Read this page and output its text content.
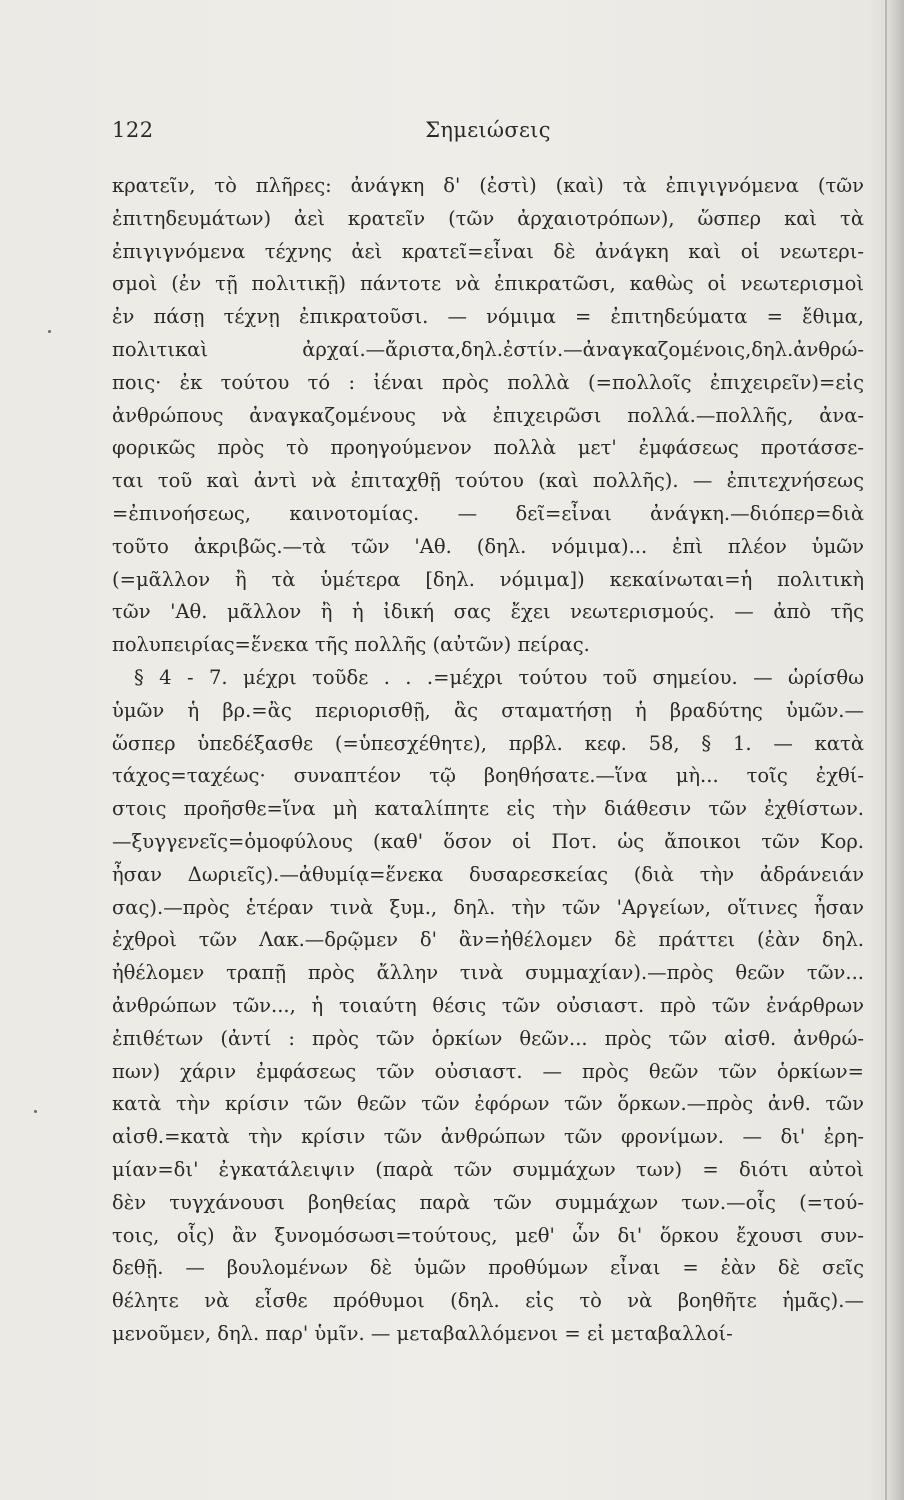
122	Σημειώσεις
κρατεῖν, τὸ πλῆρες: ἀνάγκη δ' (ἐστὶ) (καὶ) τὰ ἐπιγιγνόμενα (τῶν
ἐπιτηδευμάτων) ἀεὶ κρατεῖν (τῶν ἀρχαιοτρόπων), ὥσπερ καὶ τὰ
ἐπιγιγνόμενα τέχνης ἀεὶ κρατεῖ=εἶναι δὲ ἀνάγκη καὶ οἱ νεωτερι-
σμοὶ (ἐν τῇ πολιτικῇ) πάντοτε νὰ ἐπικρατῶσι, καθὼς οἱ νεωτερισμοὶ
ἐν πάσῃ τέχνῃ ἐπικρατοῦσι. — νόμιμα = ἐπιτηδεύματα = ἔθιμα,
πολιτικαὶ ἀρχαί.—ἄριστα,δηλ.ἐστίν.—ἀναγκαζομένοις,δηλ.ἀνθρώ-
ποις· ἐκ τούτου τό : ἰέναι πρὸς πολλὰ (=πολλοῖς ἐπιχειρεῖν)=εἰς
ἀνθρώπους ἀναγκαζομένους νὰ ἐπιχειρῶσι πολλά.—πολλῆς, ἀνα-
φορικῶς πρὸς τὸ προηγούμενον πολλὰ μετ' ἐμφάσεως προτάσσε-
ται τοῦ καὶ ἀντὶ νὰ ἐπιταχθῇ τούτου (καὶ πολλῆς). — ἐπιτεχνήσεως
=ἐπινοήσεως, καινοτομίας. — δεῖ=εἶναι ἀνάγκη.—διόπερ=διὰ
τοῦτο ἀκριβῶς.—τὰ τῶν 'Αθ. (δηλ. νόμιμα)... ἐπὶ πλέον ὑμῶν
(=μᾶλλον ἢ τὰ ὑμέτερα [δηλ. νόμιμα]) κεκαίνωται=ἡ πολιτικὴ
τῶν 'Αθ. μᾶλλον ἢ ἡ ἰδική σας ἔχει νεωτερισμούς. — ἀπὸ τῆς
πολυπειρίας=ἕνεκα τῆς πολλῆς (αὐτῶν) πείρας.
§ 4 - 7. μέχρι τοῦδε . . .=μέχρι τούτου τοῦ σημείου. — ὡρίσθω
ὑμῶν ἡ βρ.=ἂς περιορισθῇ, ἂς σταματήσῃ ἡ βραδύτης ὑμῶν.—
ὥσπερ ὑπεδέξασθε (=ὑπεσχέθητε), πρβλ. κεφ. 58, § 1. — κατὰ
τάχος=ταχέως· συναπτέον τῷ βοηθήσατε.—ἵνα μὴ... τοῖς ἐχθί-
στοις προῆσθε=ἵνα μὴ καταλίπητε εἰς τὴν διάθεσιν τῶν ἐχθίστων.
—ξυγγενεῖς=ὁμοφύλους (καθ' ὅσον οἱ Ποτ. ὡς ἄποικοι τῶν Κορ.
ἦσαν Δωριεῖς).—ἀθυμίᾳ=ἕνεκα δυσαρεσκείας (διὰ τὴν ἀδράνειάν
σας).—πρὸς ἑτέραν τινὰ ξυμ., δηλ. τὴν τῶν 'Αργείων, οἵτινες ἦσαν
ἐχθροὶ τῶν Λακ.—δρῷμεν δ' ἂν=ἠθέλομεν δὲ πράττει (ἐὰν δηλ.
ἠθέλομεν τραπῇ πρὸς ἄλλην τινὰ συμμαχίαν).—πρὸς θεῶν τῶν...
ἀνθρώπων τῶν..., ἡ τοιαύτη θέσις τῶν οὐσιαστ. πρὸ τῶν ἐνάρθρων
ἐπιθέτων (ἀντί : πρὸς τῶν ὁρκίων θεῶν... πρὸς τῶν αἰσθ. ἀνθρώ-
πων) χάριν ἐμφάσεως τῶν οὐσιαστ. — πρὸς θεῶν τῶν ὁρκίων=
κατὰ τὴν κρίσιν τῶν θεῶν τῶν ἐφόρων τῶν ὅρκων.—πρὸς ἀνθ. τῶν
αἰσθ.=κατὰ τὴν κρίσιν τῶν ἀνθρώπων τῶν φρονίμων. — δι' ἐρη-
μίαν=δι' ἐγκατάλειψιν (παρὰ τῶν συμμάχων των) = διότι αὐτοὶ
δὲν τυγχάνουσι βοηθείας παρὰ τῶν συμμάχων των.—οἷς (=τού-
τοις, οἷς) ἂν ξυνομόσωσι=τούτους, μεθ' ὧν δι' ὅρκου ἔχουσι συν-
δεθῇ. — βουλομένων δὲ ὑμῶν προθύμων εἶναι = ἐὰν δὲ σεῖς
θέλητε νὰ εἶσθε πρόθυμοι (δηλ. εἰς τὸ νὰ βοηθῆτε ἡμᾶς).—
μενοῦμεν, δηλ. παρ' ὑμῖν. — μεταβαλλόμενοι = εἰ μεταβαλλοί-
